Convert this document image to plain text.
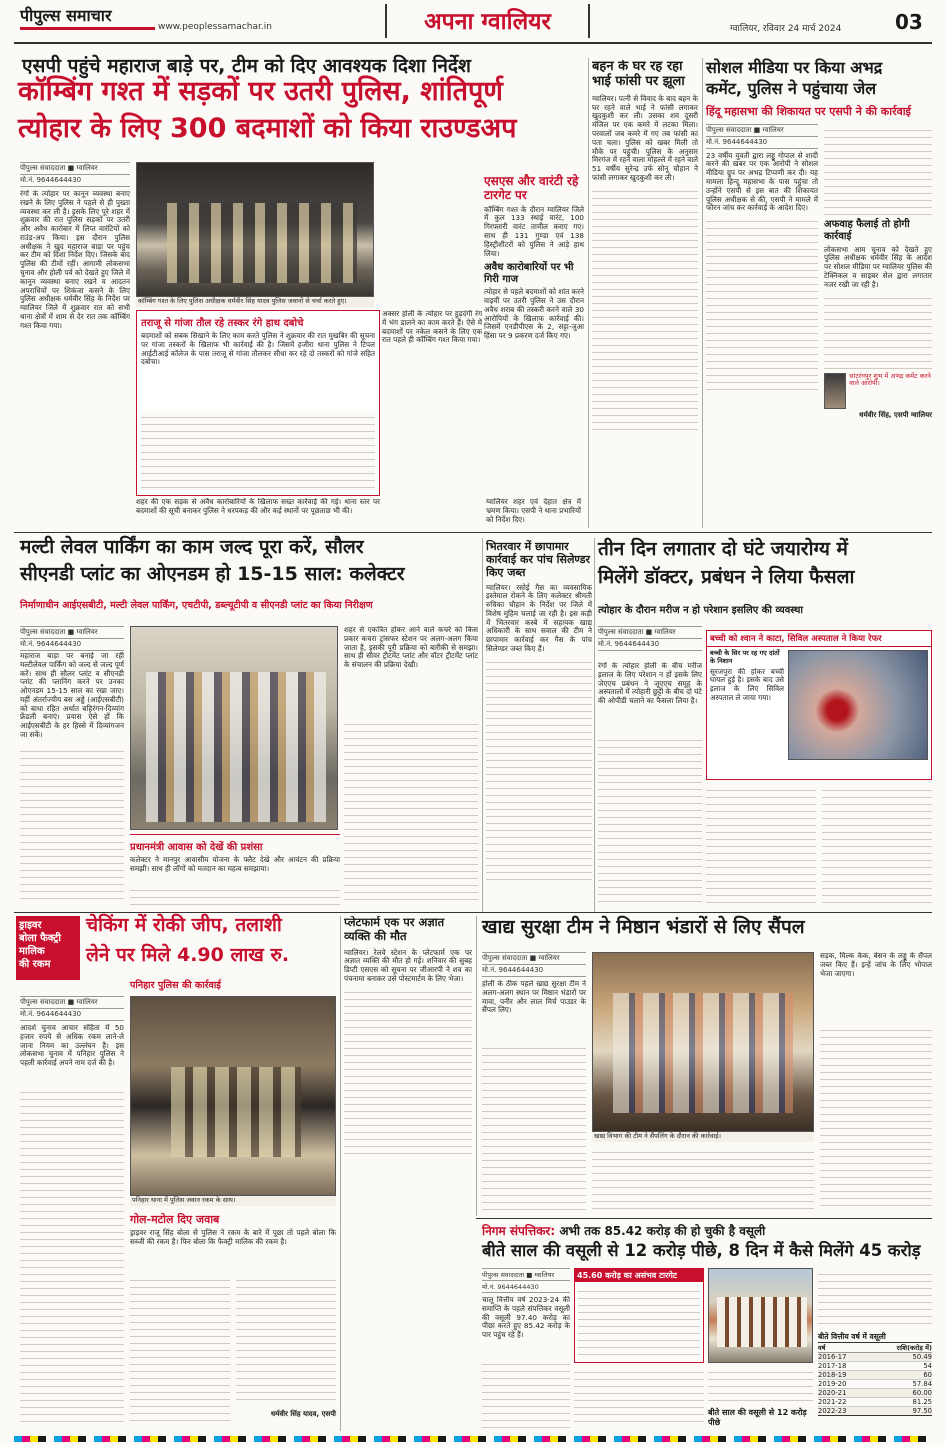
पीपुल्स समाचार
www.peoplessamachar.in	अपना ग्वालियर	ग्वालियर, रविवार 24 मार्च 2024	03
एसपी पहुंचे महाराज बाड़े पर, टीम को दिए आवश्यक दिशा निर्देश
कॉम्बिंग गश्त में सड़कों पर उतरी पुलिस, शांतिपूर्ण
त्योहार के लिए 300 बदमाशों को किया राउण्डअप
पीपुल्स संवाददाता ■ ग्वालियर
मो.नं. 9644644430
रंगों के त्योहार पर कानून व्यवस्था बनाए रखने के लिए पुलिस ने पहले से ही पुख्ता व्यवस्था कर ली है। इसके लिए पूरे शहर में शुक्रवार की रात पुलिस सड़कों पर उतरी और अवैध कारोबार में लिप्त वारंटियों को राउंड-अप किया। इस दौरान पुलिस अधीक्षक ने खुद महाराज बाड़ा पर पहुंच कर टीम को दिशा निर्देश दिए। जिसके बाद पुलिस की टीमों रहीं। आगामी लोकसभा चुनाव और होली पर्व को देखते हुए जिले में कानून व्यवस्था बनाए रखने व आदतन अपराधियों पर शिकंजा कसने के लिए पुलिस अधीक्षक धर्मवीर सिंह के निर्देश पर ग्वालियर जिले में शुक्रवार रात को सभी थाना क्षेत्रों में शाम से देर रात तक कॉम्बिंग गश्त किया गया।
कॉम्बिंग गश्त के लिए पुलिस अधीक्षक धर्मवीर सिंह यादव पुलिस जवानों से चर्चा करते हुए।
तराजू से गांजा तौल रहे तस्कर रंगे हाथ दबोचे
बदमाशों को सबक सिखाने के लिए काम करते पुलिस ने शुक्रवार की रात मुखबिर की सूचना पर गांजा तस्करों के खिलाफ भी कार्रवाई की है। जिसमें हजीरा थाना पुलिस ने टिपल आईटीआई कॉलेज के पास तराजू से गांजा तौलकर सीधा कर रहे दो तस्करों को गांजे सहित दबोचा।
अक्सर होली के त्योहार पर हुड़दंगी रंग में भंग डालने का काम करते हैं। ऐसे में बदमाशों पर नकेल कसने के लिए एक रात पहले ही कॉम्बिंग गश्त किया गया।
ग्वालियर शहर एवं देहात क्षेत्र में भ्रमण किया। एसपी ने थाना प्रभारियों को निर्देश दिए।
शहर की एक सड़क से अवैध कारोबारियों के खिलाफ सख्त कार्रवाई की गई। थाना स्तर पर बदमाशों की सूची बनाकर पुलिस ने धरपकड़ की और कई स्थानों पर पूछताछ भी की।
एसएस और वारंटी रहे टारगेट पर
कॉम्बिंग गश्त के दौरान ग्वालियर जिले में कुल 133 स्थाई वारंट, 100 गिरफ्तारी वारंट तामील कराए गए। साथ ही 131 गुण्डा एवं 138 हिस्ट्रीशीटरों को पुलिस ने आड़े हाथ लिया।
अवैध कारोबारियों पर भी गिरी गाज
त्योहार से पहले बदमाशों को शांत करने वाइवीं पर उतरी पुलिस ने उस दौरान अवैध शराब की तस्करी करने वाले 30 आरोपियों के खिलाफ कार्रवाई की। जिसमें एनडीपीएस के 2, सट्टा-जुआ हिंसा पर 9 प्रकरण दर्ज किए गए।
बहन के घर रह रहा भाई फांसी पर झूला
ग्वालियर। पत्नी से विवाद के बाद बहन के घर रहने वाले भाई ने फांसी लगाकर खुदकुशी कर ली। उसका शव दूसरी मंजिल पर एक कमरे में लटका मिला। परवालों जब कमरे में गए तब फांसी का पता चला। पुलिस को खबर मिली तो मौके पर पहुंची। पुलिस के अनुसार मिरगंज में रहने वाला मोहल्ले में रहने वाले 51 वर्षीय सुरेन्द्र उर्फ सोनू चौहान ने फांसी लगाकर खुदकुशी कर ली।
सोशल मीडिया पर किया अभद्र
कमेंट, पुलिस ने पहुंचाया जेल
हिंदू महासभा की शिकायत पर एसपी ने की कार्रवाई
पीपुल्स संवाददाता ■ ग्वालियर
मो.नं. 9644644430
23 वर्षीय युवती द्वारा लड्डू गोपाल से शादी करने की खबर पर एक आरोपी ने सोशल मीडिया ग्रुप पर अभद्र टिप्पणी कर दी। यह मामला हिन्दू महासभा के पास पहुंचा तो उन्होंने एसपी से इस बात की शिकायत पुलिस अधीक्षक से की, एसपी ने मामले में फौरन जांच कर कार्रवाई के आदेश दिए।
अफवाह फैलाई तो होगी कार्रवाई
लोकसभा आम चुनाव को देखते हुए पुलिस अधीक्षक धर्मवीर सिंह के आदेश पर सोशल मीडिया पर ग्वालियर पुलिस की टेक्निकल व साइबर सेल द्वारा लगातार नजर रखी जा रही है।
सांटरंगपुर शुभ में अभद्र कमेंट करने वाले आरोपी।
धर्मवीर सिंह, एसपी ग्वालियर
मल्टी लेवल पार्किंग का काम जल्द पूरा करें, सौलर
सीएनडी प्लांट का ओएनडम हो 15-15 साल: कलेक्टर
निर्माणाधीन आईएसबीटी, मल्टी लेवल पार्किंग, एचटीपी, डब्ल्यूटीपी व सीएनडी प्लांट का किया निरीक्षण
पीपुल्स संवाददाता ■ ग्वालियर
मो.नं. 9644644430
महाराज बाड़ा पर बनाई जा रही मल्टीलेवल पार्किंग को जल्द से जल्द पूर्ण करें। साथ ही सौलर प्लांट व सीएनडी प्लांट की प्लानिंग करने पर उनका ओएनडम 15-15 साल का रखा जाए। यहीं अंतर्राज्यीय बस अड्डे (आईएसबीटी) को बाधा रहित अर्थात बहिरंगन-दिव्यांग फ्रेंडली बनाएं। प्रयास ऐसे हों कि आईएसबीटी के हर हिस्से में दिव्यांगजन जा सकें।
शहर से एकत्रित होकर आने वाले कचरे को किस प्रकार कचरा ट्रांसफर स्टेशन पर अलग-अलग किया जाता है, इसकी पूरी प्रक्रिया को बारीकी से समझा। साथ ही सीवर ट्रीटमेंट प्लांट और वॉटर ट्रीटमेंट प्लांट के संचालन की प्रक्रिया देखी।
प्रधानमंत्री आवास को देखें की प्रशंसा
कलेक्टर ने मानपुर आवासीय योजना के फ्लैट देखे और आवंटन की प्रक्रिया समझी। साथ ही लॉगों को मतदान का महत्व समझाया।
भितरवार में छापामार कार्रवाई कर पांच सिलेण्डर किए जब्त
ग्वालियर। रसोई गैस का व्यवसायिक इस्तेमाल रोकने के लिए कलेक्टर श्रीमती रुचिका चौहान के निर्देश पर जिले में विशेष मुहिम चलाई जा रही है। इस कड़ी में भितरवार कस्बे में सहायक खाद्य अधिकारी के साथ सवाल की टीम ने छापामार कार्रवाई कर गैस के पांच सिलेण्डर जब्त किए हैं।
तीन दिन लगातार दो घंटे जयारोग्य में
मिलेंगे डॉक्टर, प्रबंधन ने लिया फैसला
त्योहार के दौरान मरीज न हो परेशान इसलिए की व्यवस्था
पीपुल्स संवाददाता ■ ग्वालियर
मो.नं. 9644644430
रंगों के त्योहार होली के बीच मरीज इलाज के लिए परेशान न हों इसके लिए जेएएच प्रबंधन ने जूएएच समूह के अस्पतालों में त्योहारी छुट्टी के बीच दो घंटे की ओपीडी चलाने का फैसला लिया है।
बच्ची को श्वान ने काटा, सिविल अस्पताल ने किया रेफर
बच्ची के सिर पर रह गए दांतों के निशान
सूरजपुरा की होकर बच्ची घायल हुई है। इसके बाद उसे इलाज के लिए सिविल अस्पताल ले जाया गया।
ड्राइवर
बोला फैक्ट्री
मालिक
की रकम
चेकिंग में रोकी जीप, तलाशी
लेने पर मिले 4.90 लाख रु.
पनिहार पुलिस की कार्रवाई
पीपुल्स संवाददाता ■ ग्वालियर
मो.नं. 9644644430
आदर्श चुनाव आचार संहिता में 50 हजार रुपये से अधिक रकम लाने-ले जाना नियम का उल्लंघन है। इस लोकसभा चुनाव में पनिहार पुलिस ने पहली कार्रवाई अपने नाम दर्ज की है।
पनिहार थाना में पुलिस जवान रकम के साथ।
गोल-मटोल दिए जवाब
ड्राइवर राजू सिंह बोला से पुलिस ने रकम के बारे में पूछा तो पहले बोला कि सब्जी की रकम है। फिर बोला कि फैक्ट्री मालिक की रकम है।
धर्मवीर सिंह यादव, एसपी
प्लेटफार्म एक पर अज्ञात व्यक्ति की मौत
ग्वालियर। रेलवे स्टेशन के प्लेटफार्म एक पर अज्ञात व्यक्ति की मौत हो गई। शनिवार की सुबह डिप्टी एसएस को सूचना पर जीआरपी ने शव का पंचनामा बनाकर उसे पोस्टमार्टम के लिए भेजा।
खाद्य सुरक्षा टीम ने मिष्ठान भंडारों से लिए सैंपल
पीपुल्स संवाददाता ■ ग्वालियर
मो.नं. 9644644430
होली के ठीक पहले खाद्य सुरक्षा टीम ने अलग-अलग स्थान पर मिष्ठान भंडारों पर मावा, पनीर और लाल मिर्च पाउडर के सैंपल लिए।
खाद्य विभाग की टीम ने सैंपलिंग के दौरान की कार्रवाई।
सड़क, मिल्क केक, बेसन के लड्डू के सैंपल जब्त किए हैं। इन्हें जांच के लिए भोपाल भेजा जाएगा।
निगम संपत्तिकर: अभी तक 85.42 करोड़ की हो चुकी है वसूली
बीते साल की वसूली से 12 करोड़ पीछे, 8 दिन में कैसे मिलेंगे 45 करोड़
पीपुल्स संवाददाता ■ ग्वालियर
मो.नं. 9644644430
चालू वित्तीय वर्ष 2023-24 की समाप्ति के पहले संपत्तिकर वसूली की वसूली 97.40 करोड़ का पीछा करते हुए 85.42 करोड़ के पार पहुंच रहे हैं।
45.60 करोड़ का असंभव टारगेट
बीते साल की वसूली से 12 करोड़ पीछे
बीते वित्तीय वर्ष में वसूली
वर्ष	राशि(करोड़ में)
2016-17	50.49
2017-18	54
2018-19	60
2019-20	57.84
2020-21	60.00
2021-22	81.25
2022-23	97.50
